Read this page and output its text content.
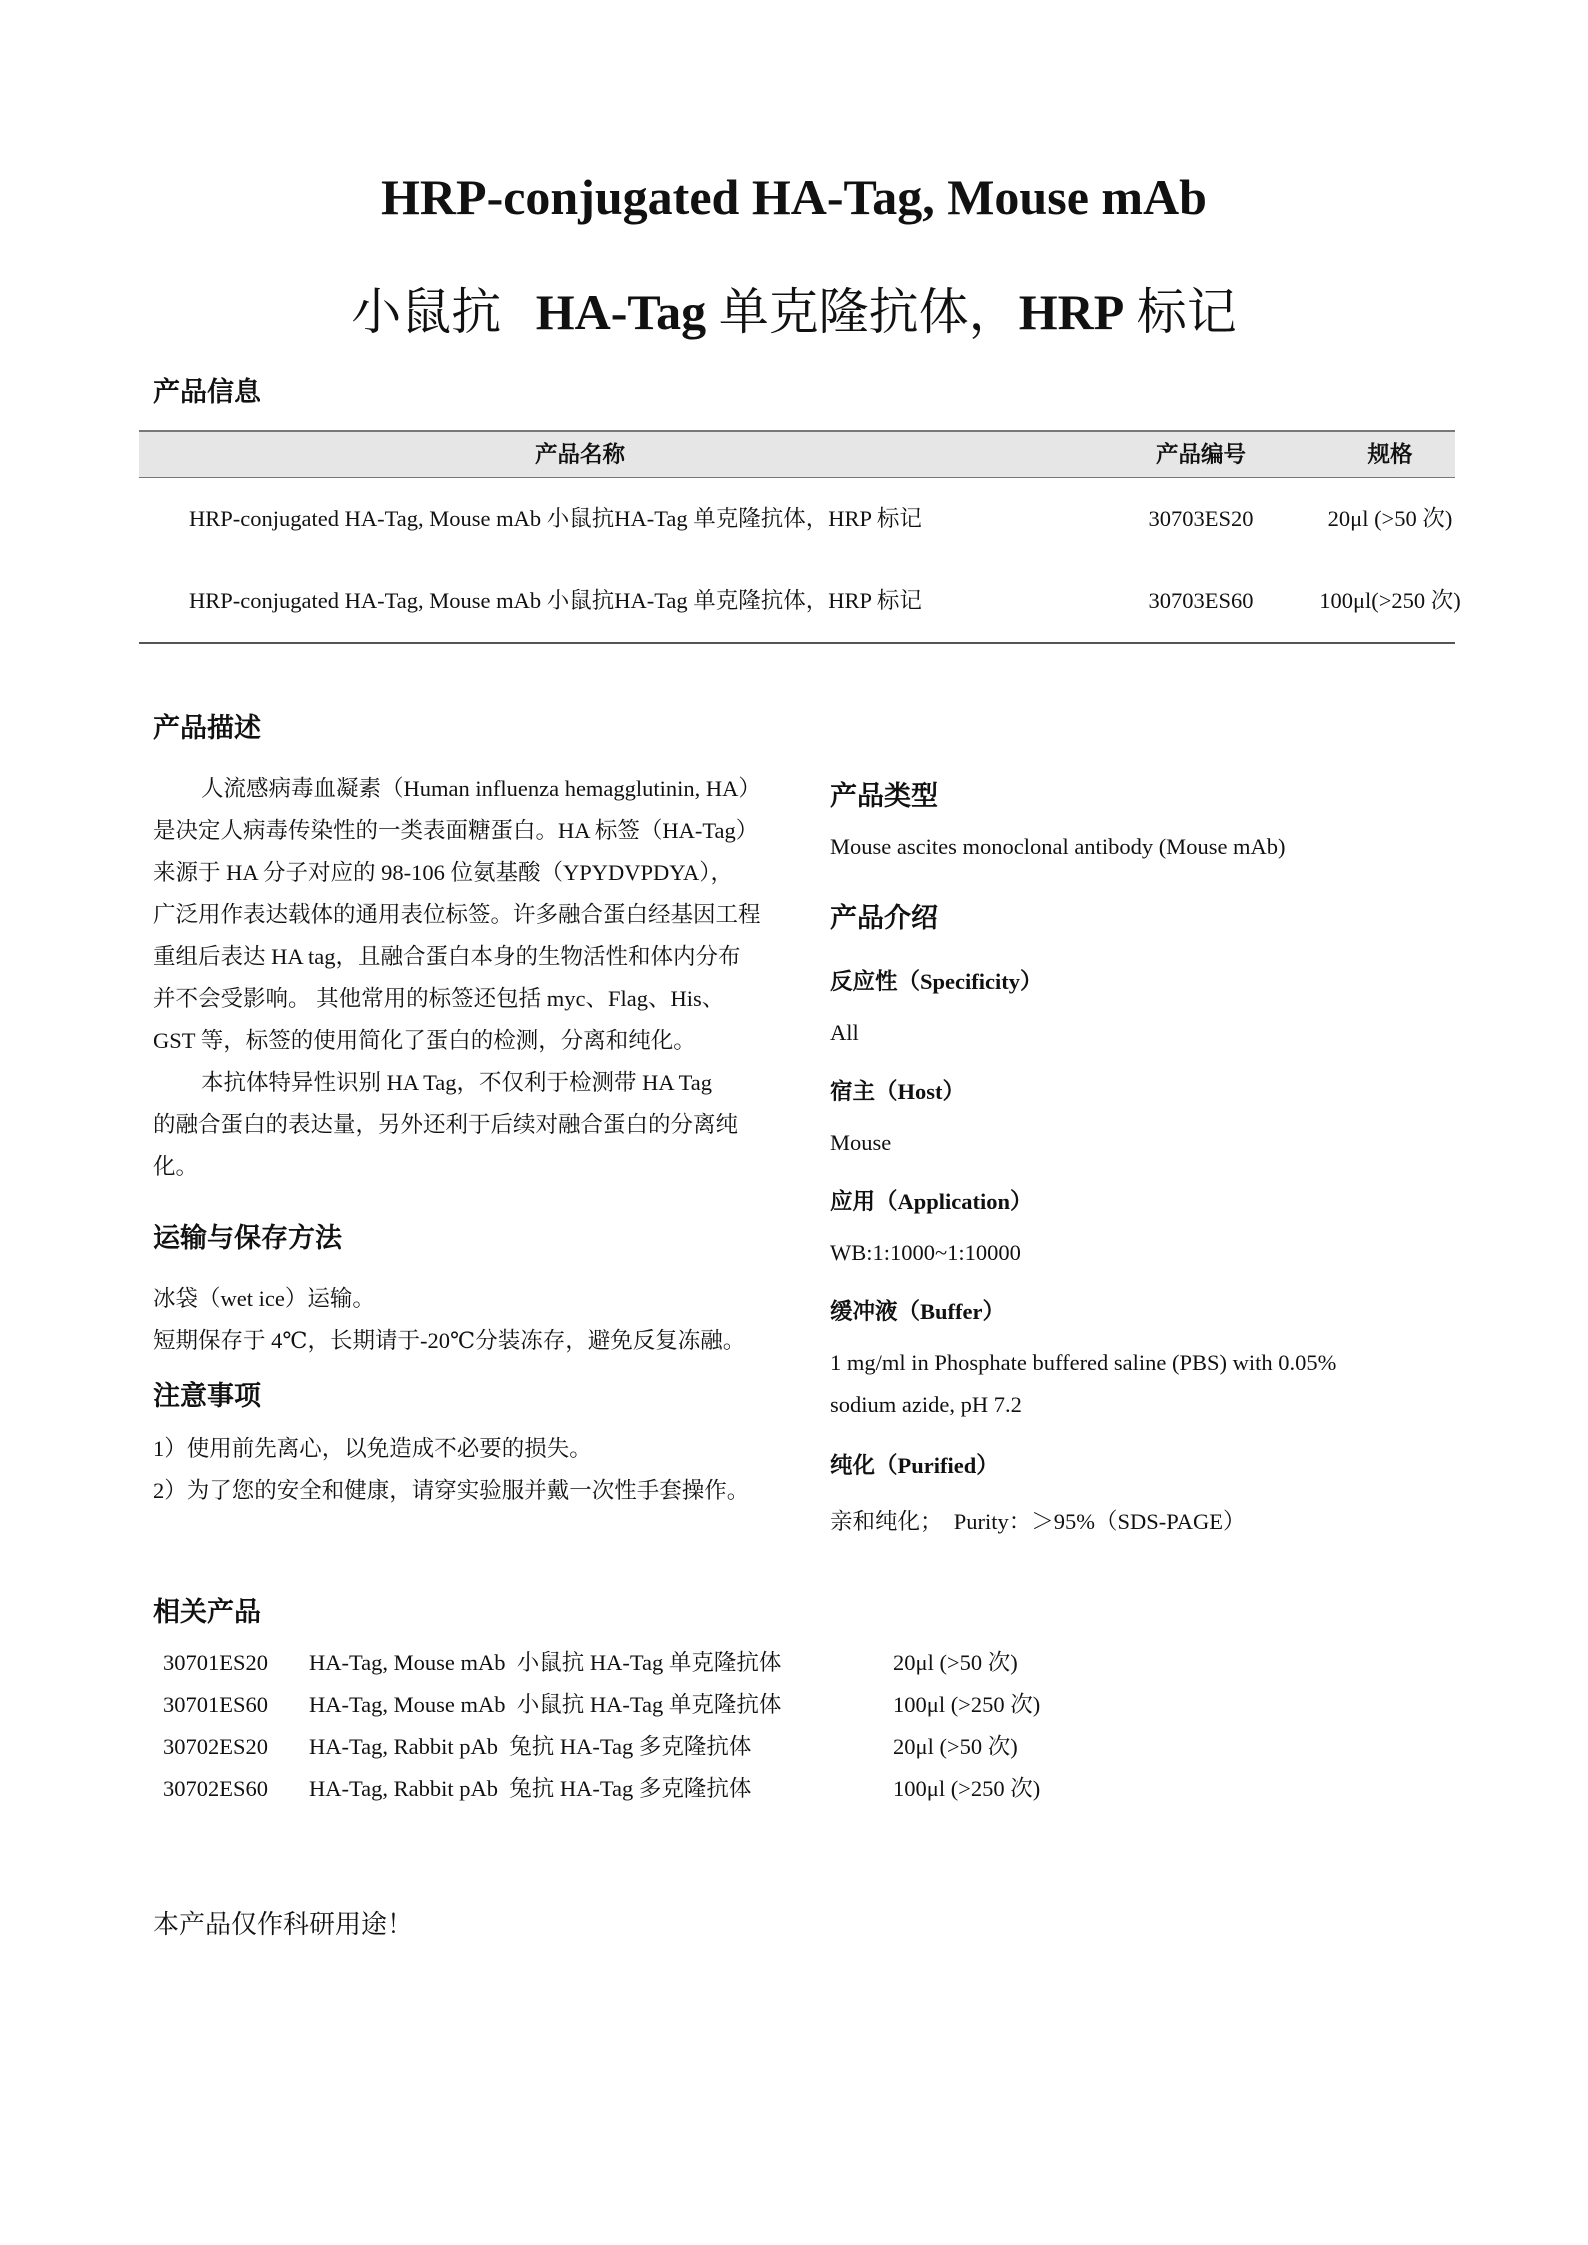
HRP-conjugated HA-Tag, Mouse mAb
小鼠抗 HA-Tag 单克隆抗体，HRP 标记
产品信息
产品名称	产品编号	规格
HRP-conjugated HA-Tag, Mouse mAb 小鼠抗HA-Tag 单克隆抗体，HRP 标记	30703ES20	20μl (>50 次)
HRP-conjugated HA-Tag, Mouse mAb 小鼠抗HA-Tag 单克隆抗体，HRP 标记	30703ES60	100μl(>250 次)
产品描述
人流感病毒血凝素（Human influenza hemagglutinin, HA）
是决定人病毒传染性的一类表面糖蛋白。HA 标签（HA-Tag）
来源于 HA 分子对应的 98-106 位氨基酸（YPYDVPDYA），
广泛用作表达载体的通用表位标签。许多融合蛋白经基因工程
重组后表达 HA tag，且融合蛋白本身的生物活性和体内分布
并不会受影响。 其他常用的标签还包括 myc、Flag、His、
GST 等，标签的使用简化了蛋白的检测，分离和纯化。
本抗体特异性识别 HA Tag，不仅利于检测带 HA Tag
的融合蛋白的表达量，另外还利于后续对融合蛋白的分离纯
化。
运输与保存方法
冰袋（wet ice）运输。
短期保存于 4℃，长期请于-20℃分装冻存，避免反复冻融。
注意事项
1）使用前先离心，以免造成不必要的损失。
2）为了您的安全和健康，请穿实验服并戴一次性手套操作。
产品类型
Mouse ascites monoclonal antibody (Mouse mAb)
产品介绍
反应性（Specificity）
All
宿主（Host）
Mouse
应用（Application）
WB:1:1000~1:10000
缓冲液（Buffer）
1 mg/ml in Phosphate buffered saline (PBS) with 0.05%
sodium azide, pH 7.2
纯化（Purified）
亲和纯化；  Purity：＞95%（SDS-PAGE）
相关产品
30701ES20 HA-Tag, Mouse mAb  小鼠抗 HA-Tag 单克隆抗体	20μl (>50 次)
30701ES60 HA-Tag, Mouse mAb  小鼠抗 HA-Tag 单克隆抗体	100μl (>250 次)
30702ES20 HA-Tag, Rabbit pAb  兔抗 HA-Tag 多克隆抗体	20μl (>50 次)
30702ES60 HA-Tag, Rabbit pAb  兔抗 HA-Tag 多克隆抗体	100μl (>250 次)
本产品仅作科研用途！
